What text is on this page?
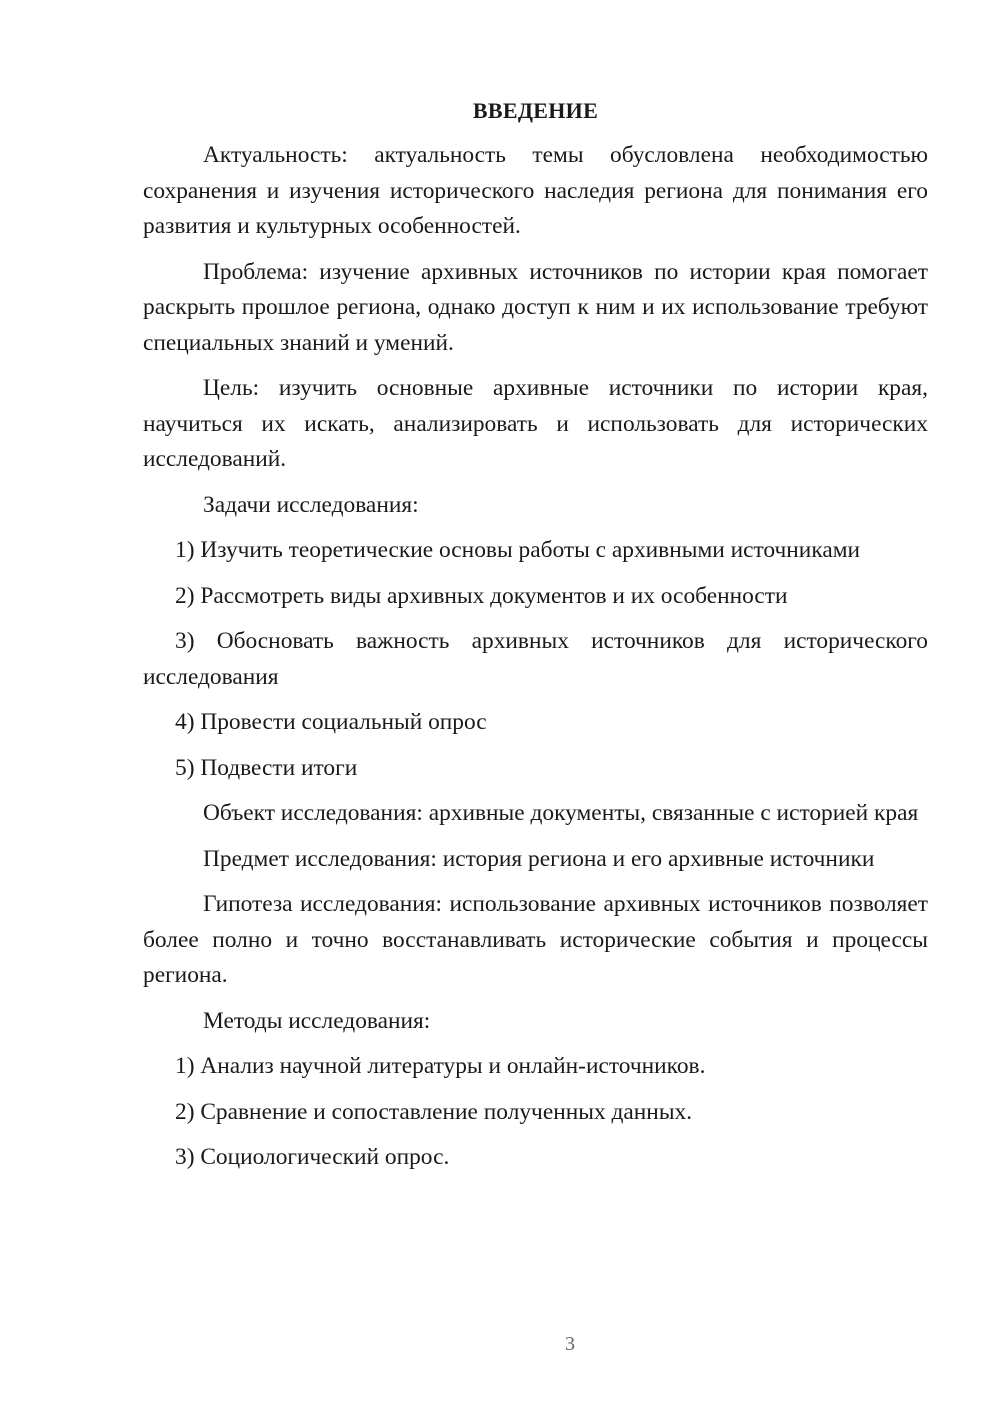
ВВЕДЕНИЕ

Актуальность: актуальность темы обусловлена необходимостью сохранения и изучения исторического наследия региона для понимания его развития и культурных особенностей.

Проблема: изучение архивных источников по истории края помогает раскрыть прошлое региона, однако доступ к ним и их использование требуют специальных знаний и умений.

Цель: изучить основные архивные источники по истории края, научиться их искать, анализировать и использовать для исторических исследований.

Задачи исследования:

1) Изучить теоретические основы работы с архивными источниками

2) Рассмотреть виды архивных документов и их особенности

3) Обосновать важность архивных источников для исторического исследования

4) Провести социальный опрос

5) Подвести итоги

Объект исследования: архивные документы, связанные с историей края

Предмет исследования: история региона и его архивные источники

Гипотеза исследования: использование архивных источников позволяет более полно и точно восстанавливать исторические события и процессы региона.

Методы исследования:

1) Анализ научной литературы и онлайн-источников.

2) Сравнение и сопоставление полученных данных.

3) Социологический опрос.

3
